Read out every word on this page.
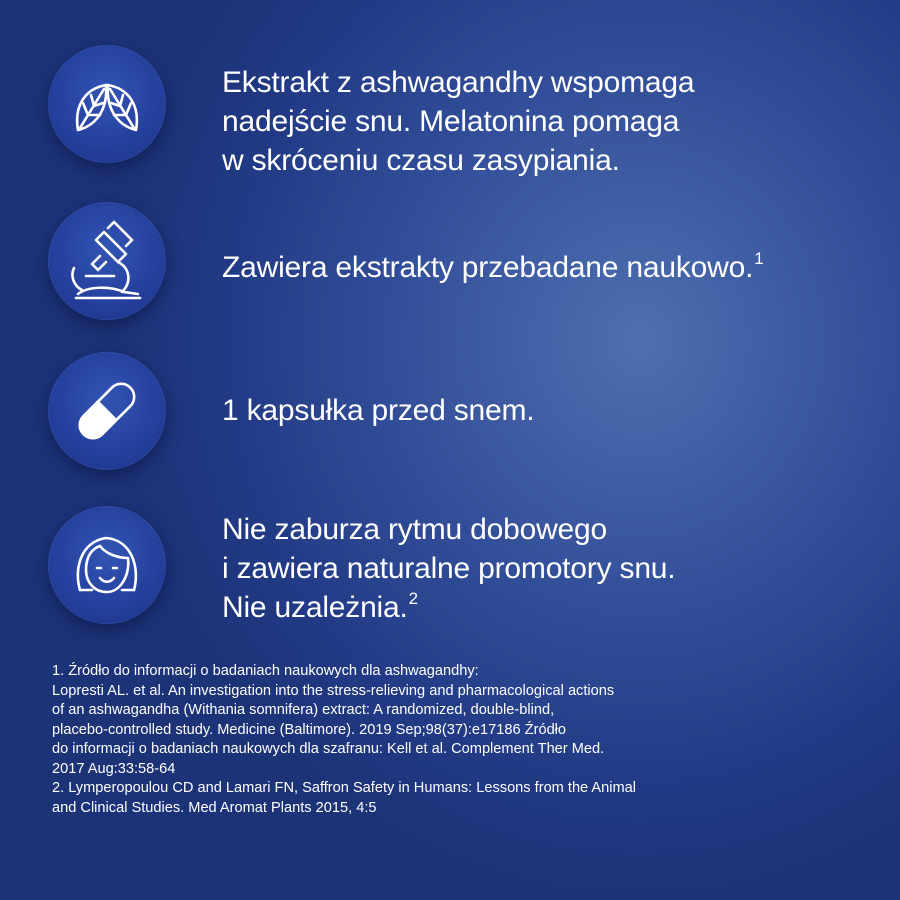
Ekstrakt z ashwagandhy wspomaga
nadejście snu. Melatonina pomaga
w skróceniu czasu zasypiania.
Zawiera ekstrakty przebadane naukowo.$^1$
1 kapsułka przed snem.
Nie zaburza rytmu dobowego
i zawiera naturalne promotory snu.
Nie uzależnia.$^2$

1. Źródło do informacji o badaniach naukowych dla ashwagandhy:

Lopresti AL. et al. An investigation into the stress-relieving and pharmacological actions

of an ashwagandha (Withania somnifera) extract: A randomized, double-blind,

placebo-controlled study. Medicine (Baltimore). 2019 Sep;98(37):e17186 Źródło

do informacji o badaniach naukowych dla szafranu: Kell et al. Complement Ther Med.

2017 Aug:33:58-64

2. Lymperopoulou CD and Lamari FN, Saffron Safety in Humans: Lessons from the Animal

and Clinical Studies. Med Aromat Plants 2015, 4:5
